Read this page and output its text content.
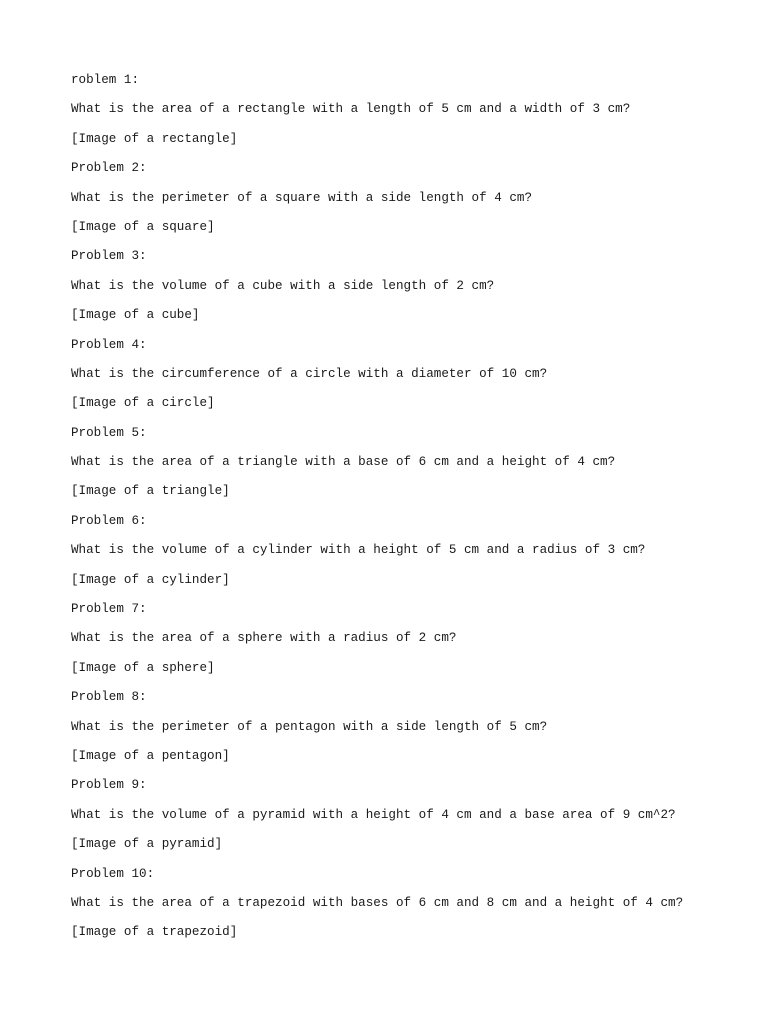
roblem 1:

What is the area of a rectangle with a length of 5 cm and a width of 3 cm?

[Image of a rectangle]

Problem 2:

What is the perimeter of a square with a side length of 4 cm?

[Image of a square]

Problem 3:

What is the volume of a cube with a side length of 2 cm?

[Image of a cube]

Problem 4:

What is the circumference of a circle with a diameter of 10 cm?

[Image of a circle]

Problem 5:

What is the area of a triangle with a base of 6 cm and a height of 4 cm?

[Image of a triangle]

Problem 6:

What is the volume of a cylinder with a height of 5 cm and a radius of 3 cm?

[Image of a cylinder]

Problem 7:

What is the area of a sphere with a radius of 2 cm?

[Image of a sphere]

Problem 8:

What is the perimeter of a pentagon with a side length of 5 cm?

[Image of a pentagon]

Problem 9:

What is the volume of a pyramid with a height of 4 cm and a base area of 9 cm^2?

[Image of a pyramid]

Problem 10:

What is the area of a trapezoid with bases of 6 cm and 8 cm and a height of 4 cm?

[Image of a trapezoid]
